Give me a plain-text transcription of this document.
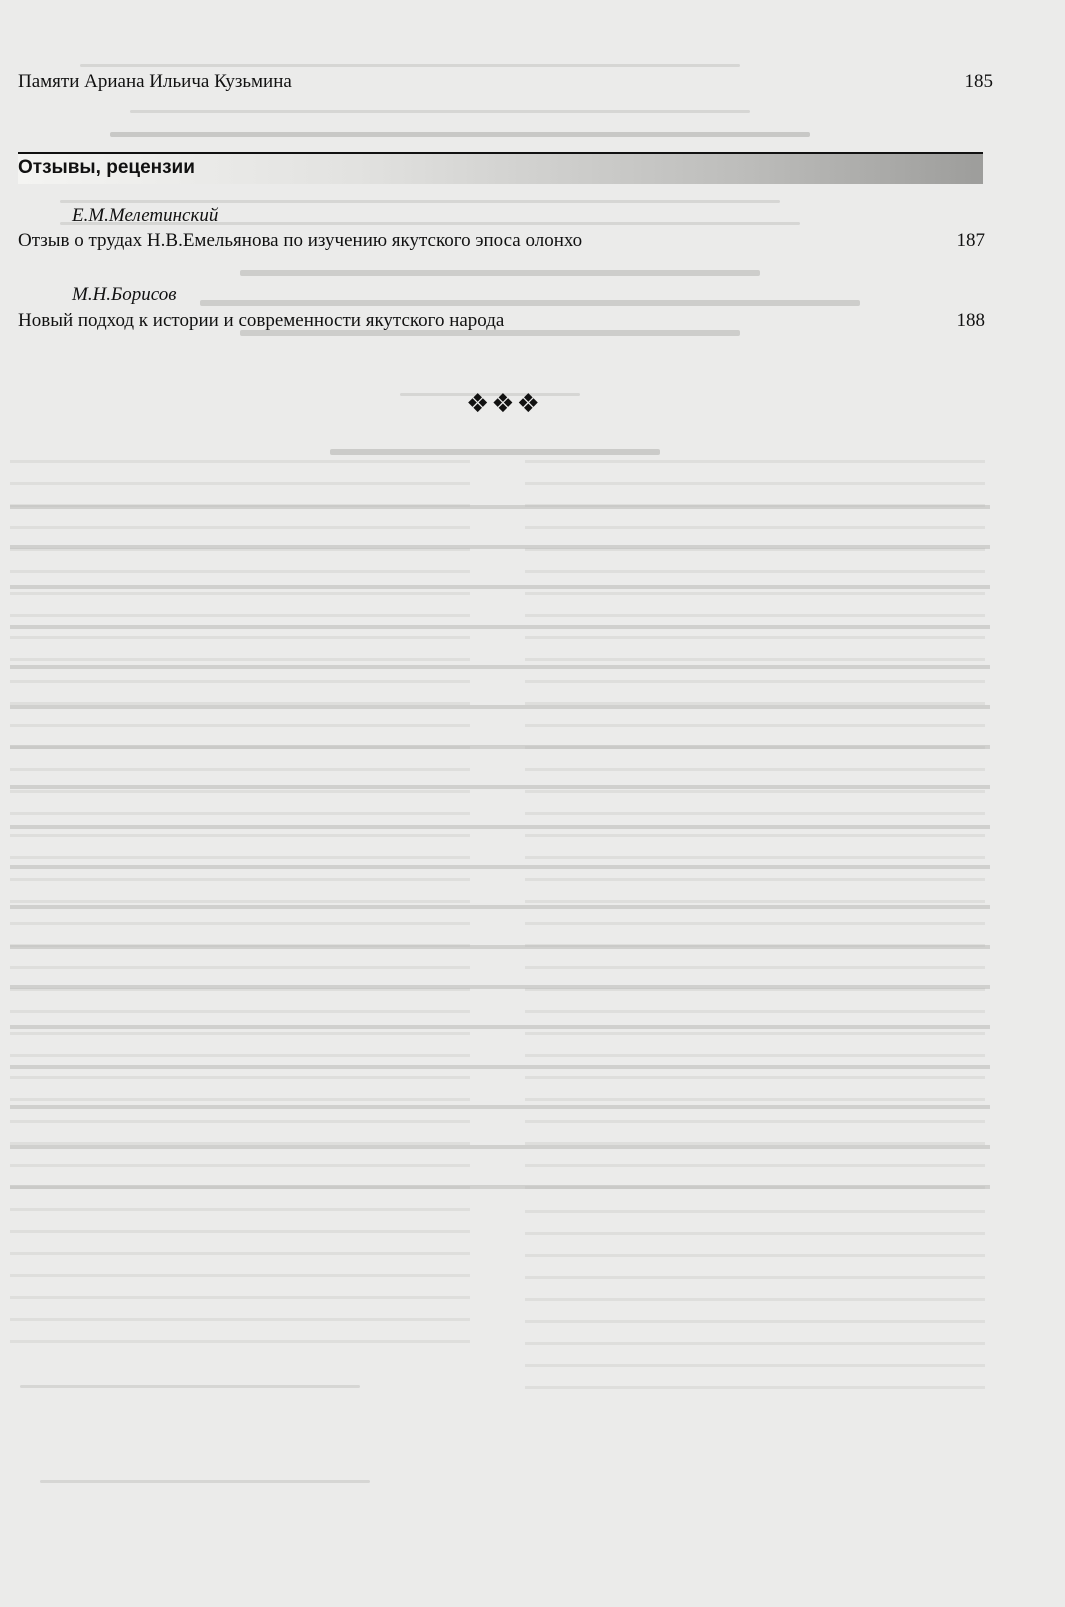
Памяти Ариана Ильича Кузьмина	185
Отзывы, рецензии
Е.М.Мелетинский
Отзыв о трудах Н.В.Емельянова по изучению якутского эпоса олонхо	187
М.Н.Борисов
Новый подход к истории и современности якутского народа	188
❖❖❖
